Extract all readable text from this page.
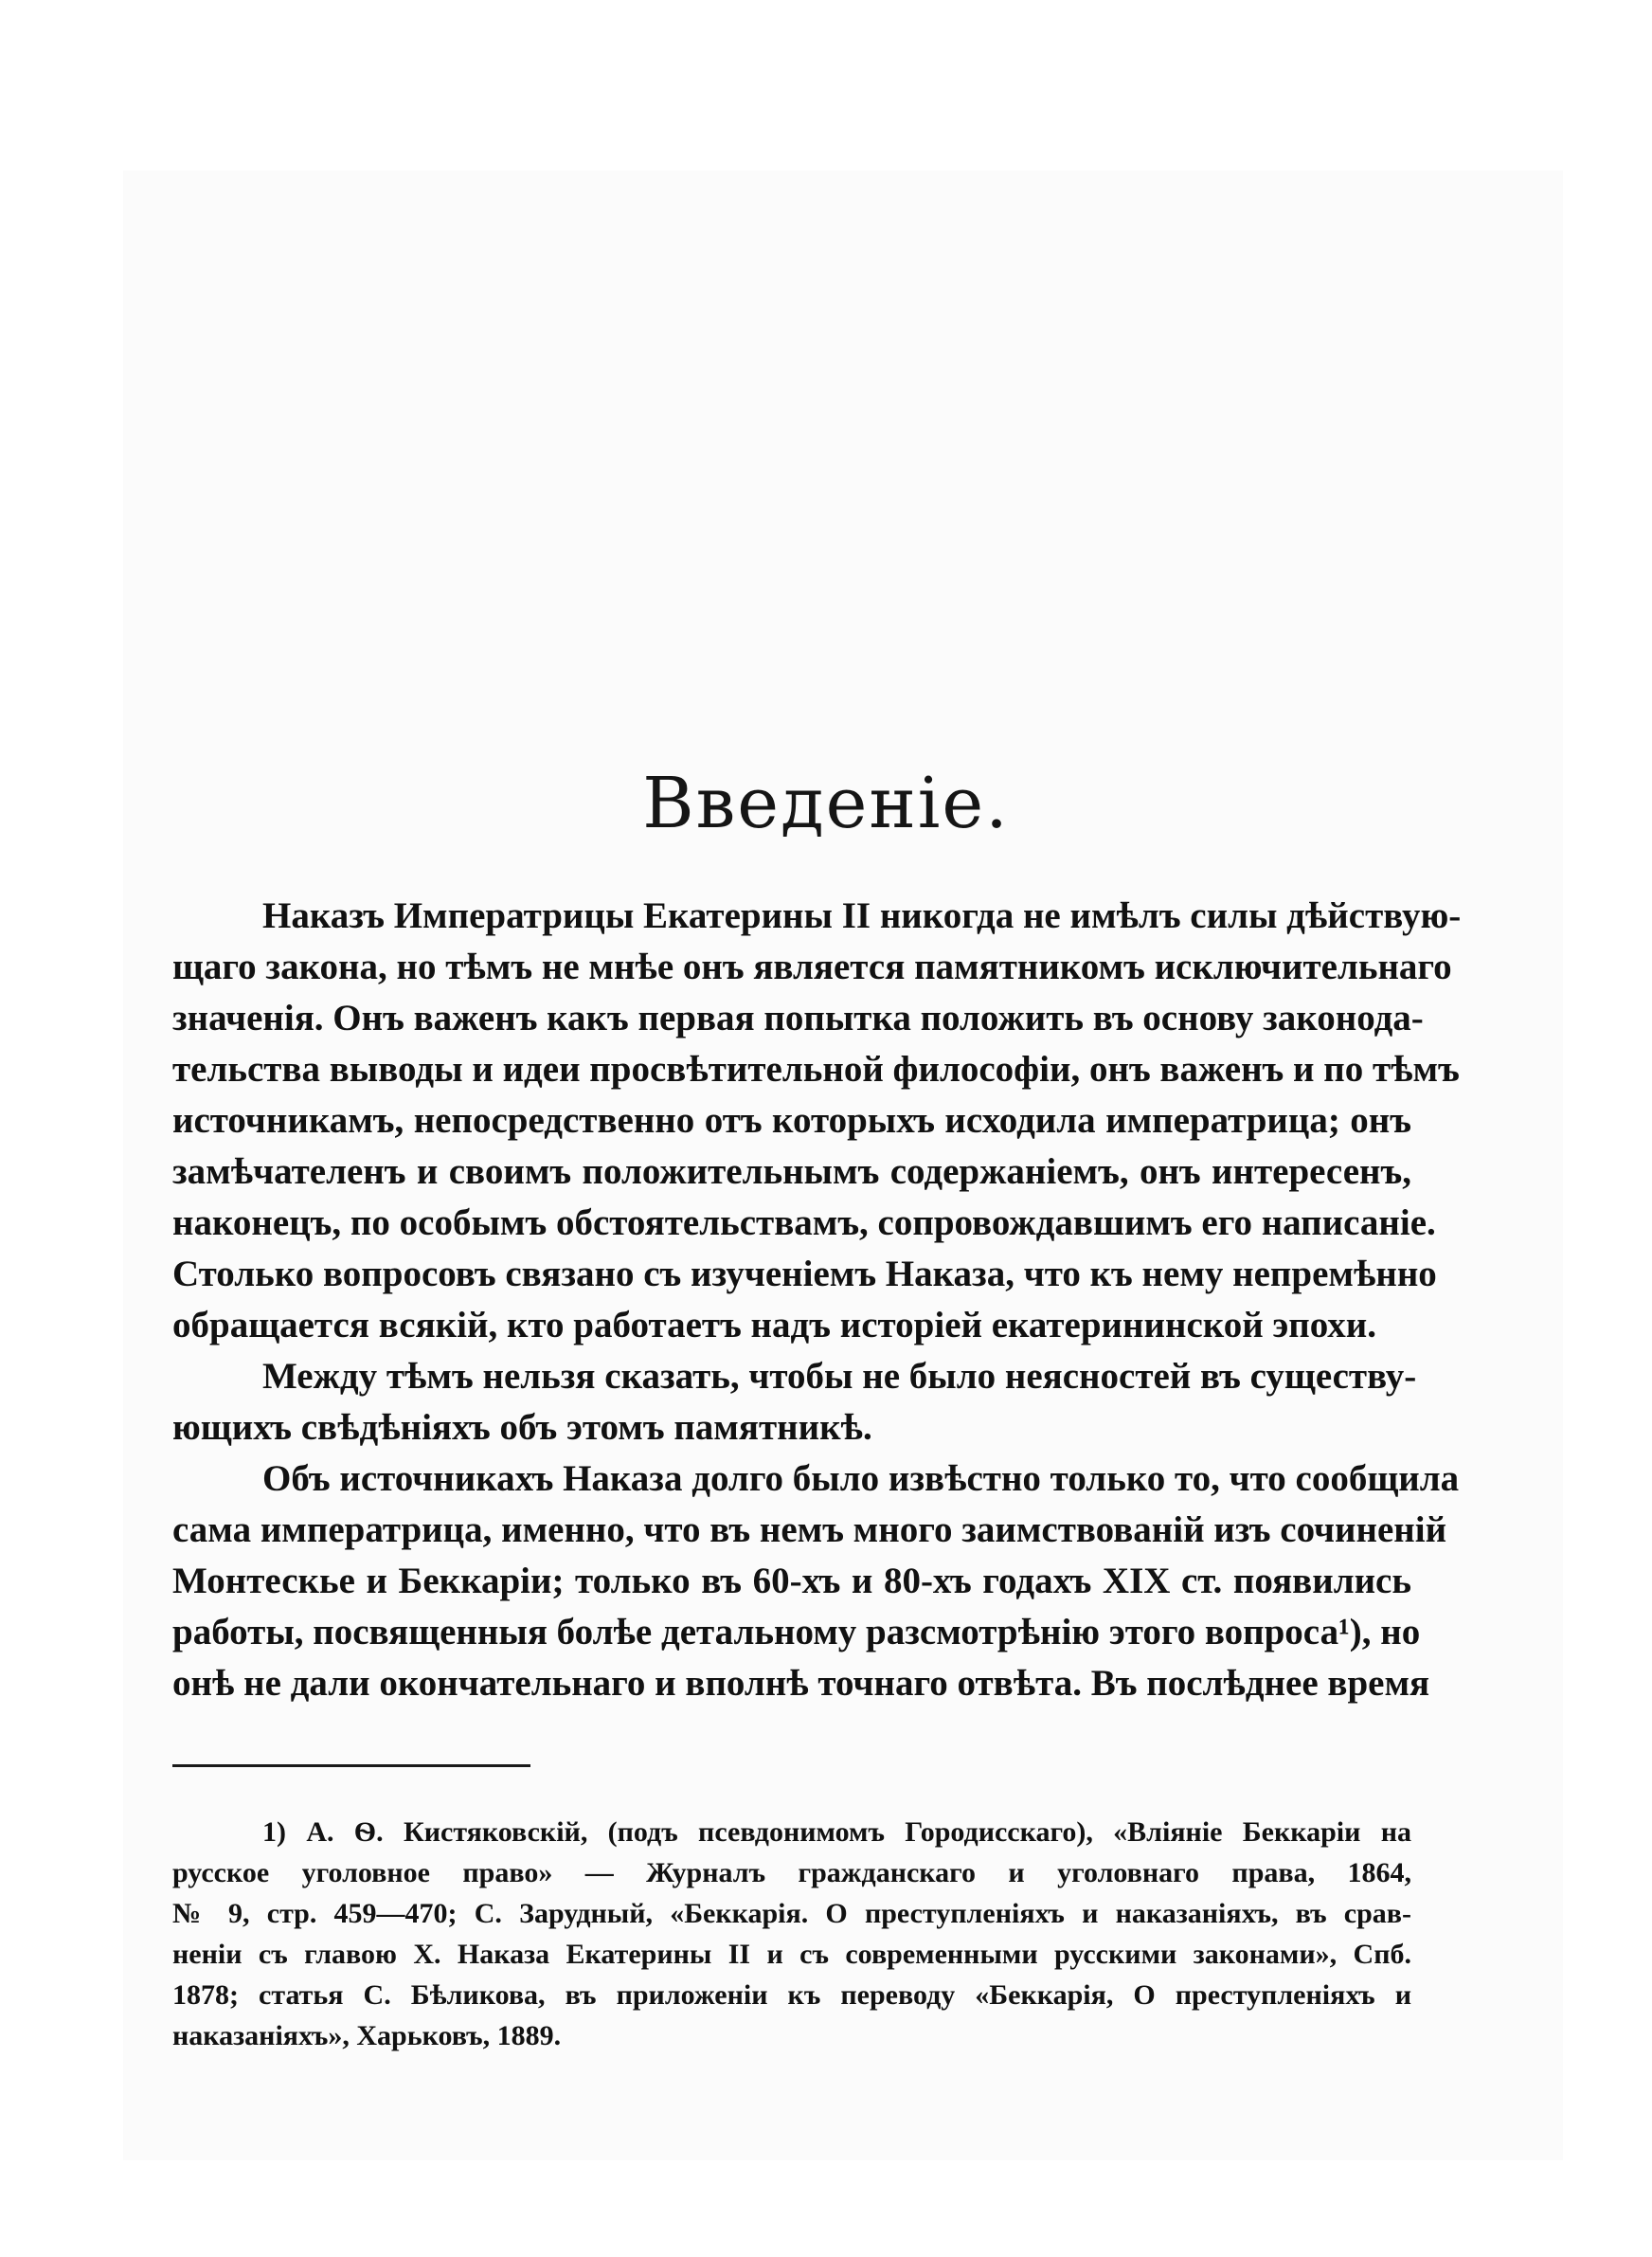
Введенiе.
Наказъ Императрицы Екатерины II никогда не имѣлъ силы дѣйствую-
щаго закона, но тѣмъ не мнѣе онъ является памятникомъ исключительнаго
значенiя. Онъ важенъ какъ первая попытка положить въ основу законода-
тельства выводы и идеи просвѣтительной философiи, онъ важенъ и по тѣмъ
источникамъ, непосредственно отъ которыхъ исходила императрица; онъ
замѣчателенъ и своимъ положительнымъ содержанiемъ, онъ интересенъ,
наконецъ, по особымъ обстоятельствамъ, сопровождавшимъ его написанiе.
Столько вопросовъ связано съ изученiемъ Наказа, что къ нему непремѣнно
обращается всякiй, кто работаетъ надъ исторiей екатерининской эпохи.
Между тѣмъ нельзя сказать, чтобы не было неясностей въ существу-
ющихъ свѣдѣнiяхъ объ этомъ памятникѣ.
Объ источникахъ Наказа долго было извѣстно только то, что сообщила
сама императрица, именно, что въ немъ много заимствованiй изъ сочиненiй
Монтескье и Беккарiи; только въ 60-хъ и 80-хъ годахъ XIX ст. появились
работы, посвященныя болѣе детальному разсмотрѣнiю этого вопроса¹), но
онѣ не дали окончательнаго и вполнѣ точнаго отвѣта. Въ послѣднее время
1) А. Ѳ. Кистяковскiй, (подъ псевдонимомъ Городисскаго), «Влiянiе Беккарiи на
русское уголовное право» — Журналъ гражданскаго и уголовнаго права, 1864,
№ 9, стр. 459—470; С. Зарудный, «Беккарiя. О преступленiяхъ и наказанiяхъ, въ срав-
ненiи съ главою X. Наказа Екатерины II и съ современными русскими законами», Спб.
1878; статья С. Бѣликова, въ приложенiи къ переводу «Беккарiя, О преступленiяхъ и
наказанiяхъ», Харьковъ, 1889.
